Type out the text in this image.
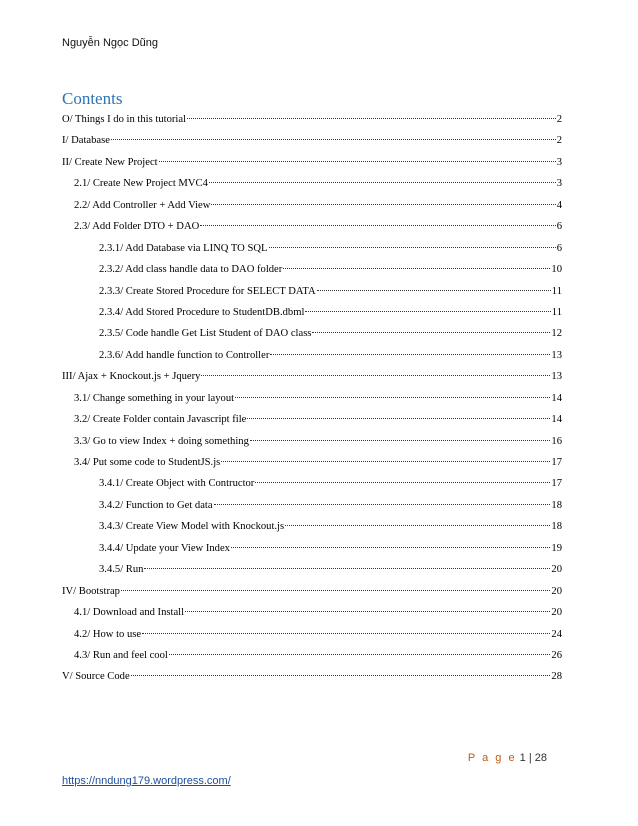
Nguyễn Ngọc Dũng
Contents
O/ Things I do in this tutorial	2
I/ Database	2
II/ Create New Project	3
2.1/ Create New Project MVC4	3
2.2/ Add Controller + Add View	4
2.3/ Add Folder DTO + DAO	6
2.3.1/ Add Database via LINQ TO SQL	6
2.3.2/ Add class handle data to DAO folder	10
2.3.3/ Create Stored Procedure for SELECT DATA	11
2.3.4/ Add Stored Procedure to StudentDB.dbml	11
2.3.5/ Code handle Get List Student of DAO class	12
2.3.6/ Add handle function to Controller	13
III/ Ajax + Knockout.js + Jquery	13
3.1/ Change something in your layout	14
3.2/ Create Folder contain Javascript file	14
3.3/ Go to view Index + doing something	16
3.4/ Put some code to StudentJS.js	17
3.4.1/ Create Object with Contructor	17
3.4.2/ Function to Get data	18
3.4.3/ Create View Model with Knockout.js	18
3.4.4/ Update your View Index	19
3.4.5/ Run	20
IV/ Bootstrap	20
4.1/ Download and Install	20
4.2/ How to use	24
4.3/ Run and feel cool	26
V/ Source Code	28
P a g e 1 | 28
https://nndung179.wordpress.com/
